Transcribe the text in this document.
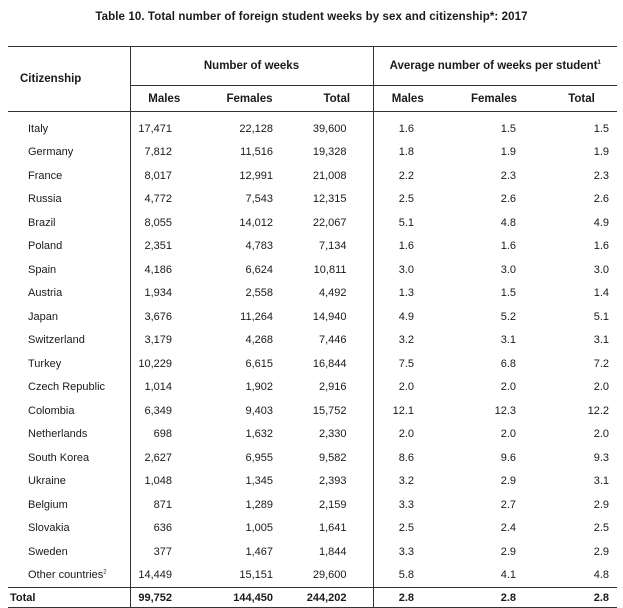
Table 10. Total number of foreign student weeks by sex and citizenship*: 2017
Citizenship	Number of weeks			Average number of weeks per student$^1$
	Males	Females	Total	Males	Females	Total
Italy	17,471	22,128	39,600	1.6	1.5	1.5
Germany	7,812	11,516	19,328	1.8	1.9	1.9
France	8,017	12,991	21,008	2.2	2.3	2.3
Russia	4,772	7,543	12,315	2.5	2.6	2.6
Brazil	8,055	14,012	22,067	5.1	4.8	4.9
Poland	2,351	4,783	7,134	1.6	1.6	1.6
Spain	4,186	6,624	10,811	3.0	3.0	3.0
Austria	1,934	2,558	4,492	1.3	1.5	1.4
Japan	3,676	11,264	14,940	4.9	5.2	5.1
Switzerland	3,179	4,268	7,446	3.2	3.1	3.1
Turkey	10,229	6,615	16,844	7.5	6.8	7.2
Czech Republic	1,014	1,902	2,916	2.0	2.0	2.0
Colombia	6,349	9,403	15,752	12.1	12.3	12.2
Netherlands	698	1,632	2,330	2.0	2.0	2.0
South Korea	2,627	6,955	9,582	8.6	9.6	9.3
Ukraine	1,048	1,345	2,393	3.2	2.9	3.1
Belgium	871	1,289	2,159	3.3	2.7	2.9
Slovakia	636	1,005	1,641	2.5	2.4	2.5
Sweden	377	1,467	1,844	3.3	2.9	2.9
Other countries$^2$	14,449	15,151	29,600	5.8	4.1	4.8
Total	99,752	144,450	244,202	2.8	2.8	2.8
